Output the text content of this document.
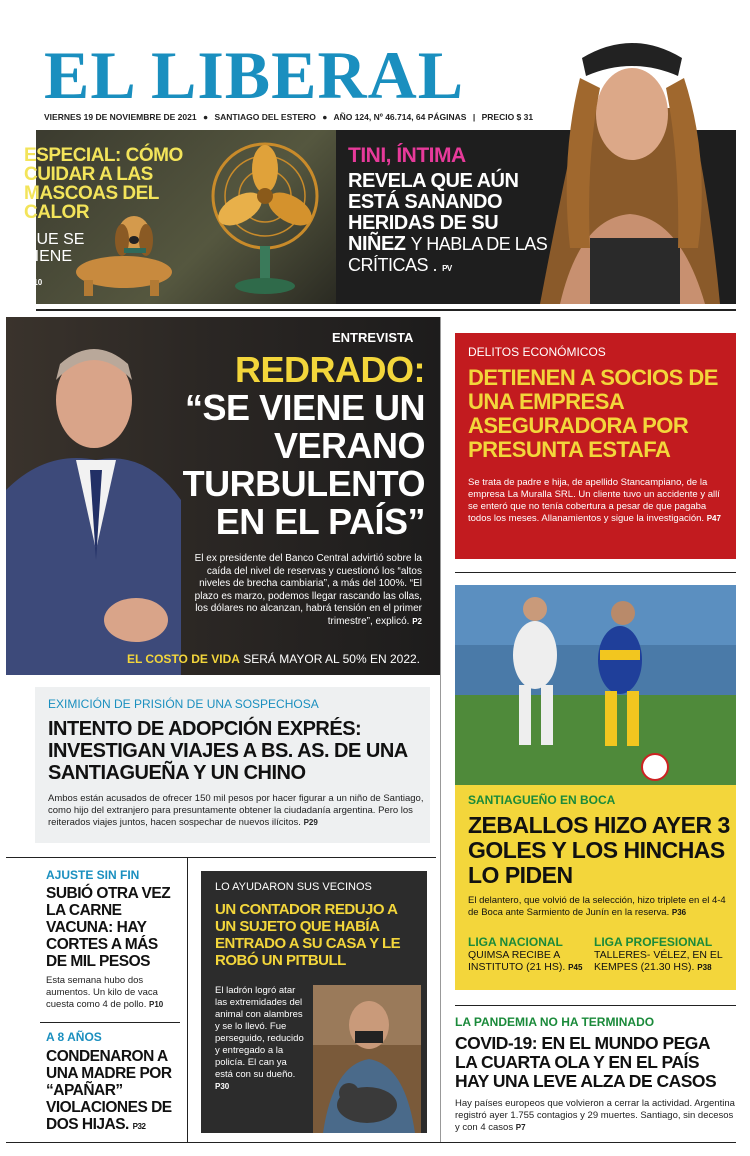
EL LIBERAL
VIERNES 19 DE NOVIEMBRE DE 2021 ● SANTIAGO DEL ESTERO ● AÑO 124, Nº 46.714, 64 PÁGINAS | PRECIO $ 31
ESPECIAL: CÓMO CUIDAR A LAS MASCOAS DEL CALOR
QUE SE VIENE
P10
TINI, ÍNTIMA
REVELA QUE AÚN ESTÁ SANANDO HERIDAS DE SU NIÑEZ Y HABLA DE LAS CRÍTICAS . PV
ENTREVISTA
REDRADO:
“SE VIENE UN VERANO TURBULENTO EN EL PAÍS”
El ex presidente del Banco Central advirtió sobre la caída del nivel de reservas y cuestionó los “altos niveles de brecha cambiaria”, a más del 100%. “El plazo es marzo, podemos llegar rascando las ollas, los dólares no alcanzan, habrá tensión en el primer trimestre”, explicó. P2
EL COSTO DE VIDA SERÁ MAYOR AL 50% EN 2022.
DELITOS ECONÓMICOS
DETIENEN A SOCIOS DE UNA EMPRESA ASEGURADORA POR PRESUNTA ESTAFA
Se trata de padre e hija, de apellido Stancampiano, de la empresa La Muralla SRL. Un cliente tuvo un accidente y allí se enteró que no tenía cobertura a pesar de que pagaba todos los meses. Allanamientos y sigue la investigación. P47
SANTIAGUEÑO EN BOCA
ZEBALLOS HIZO AYER 3 GOLES Y LOS HINCHAS LO PIDEN
El delantero, que volvió de la selección, hizo triplete en el 4-4 de Boca ante Sarmiento de Junín en la reserva. P36
LIGA NACIONAL
QUIMSA RECIBE A INSTITUTO (21 HS). P45
LIGA PROFESIONAL
TALLERES- VÉLEZ, EN EL KEMPES (21.30 HS). P38
EXIMICIÓN DE PRISIÓN DE UNA SOSPECHOSA
INTENTO DE ADOPCIÓN EXPRÉS: INVESTIGAN VIAJES A BS. AS. DE UNA SANTIAGUEÑA Y UN CHINO
Ambos están acusados de ofrecer 150 mil pesos por hacer figurar a un niño de Santiago, como hijo del extranjero para presuntamente obtener la ciudadanía argentina. Pero los reiterados viajes juntos, hacen sospechar de nuevos ilícitos. P29
AJUSTE SIN FIN
SUBIÓ OTRA VEZ LA CARNE VACUNA: HAY CORTES A MÁS DE MIL PESOS
Esta semana hubo dos aumentos. Un kilo de vaca cuesta como 4 de pollo. P10
A 8 AÑOS
CONDENARON A UNA MADRE POR “APAÑAR” VIOLACIONES DE DOS HIJAS. P32
LO AYUDARON SUS VECINOS
UN CONTADOR REDUJO A UN SUJETO QUE HABÍA ENTRADO A SU CASA Y LE ROBÓ UN PITBULL
El ladrón logró atar las extremidades del animal con alambres y se lo llevó. Fue perseguido, reducido y entregado a la policía. El can ya está con su dueño. P30
LA PANDEMIA NO HA TERMINADO
COVID-19: EN EL MUNDO PEGA LA CUARTA OLA Y EN EL PAÍS HAY UNA LEVE ALZA DE CASOS
Hay países europeos que volvieron a cerrar la actividad. Argentina registró ayer 1.755 contagios y 29 muertes. Santiago, sin decesos y con 4 casos P7
